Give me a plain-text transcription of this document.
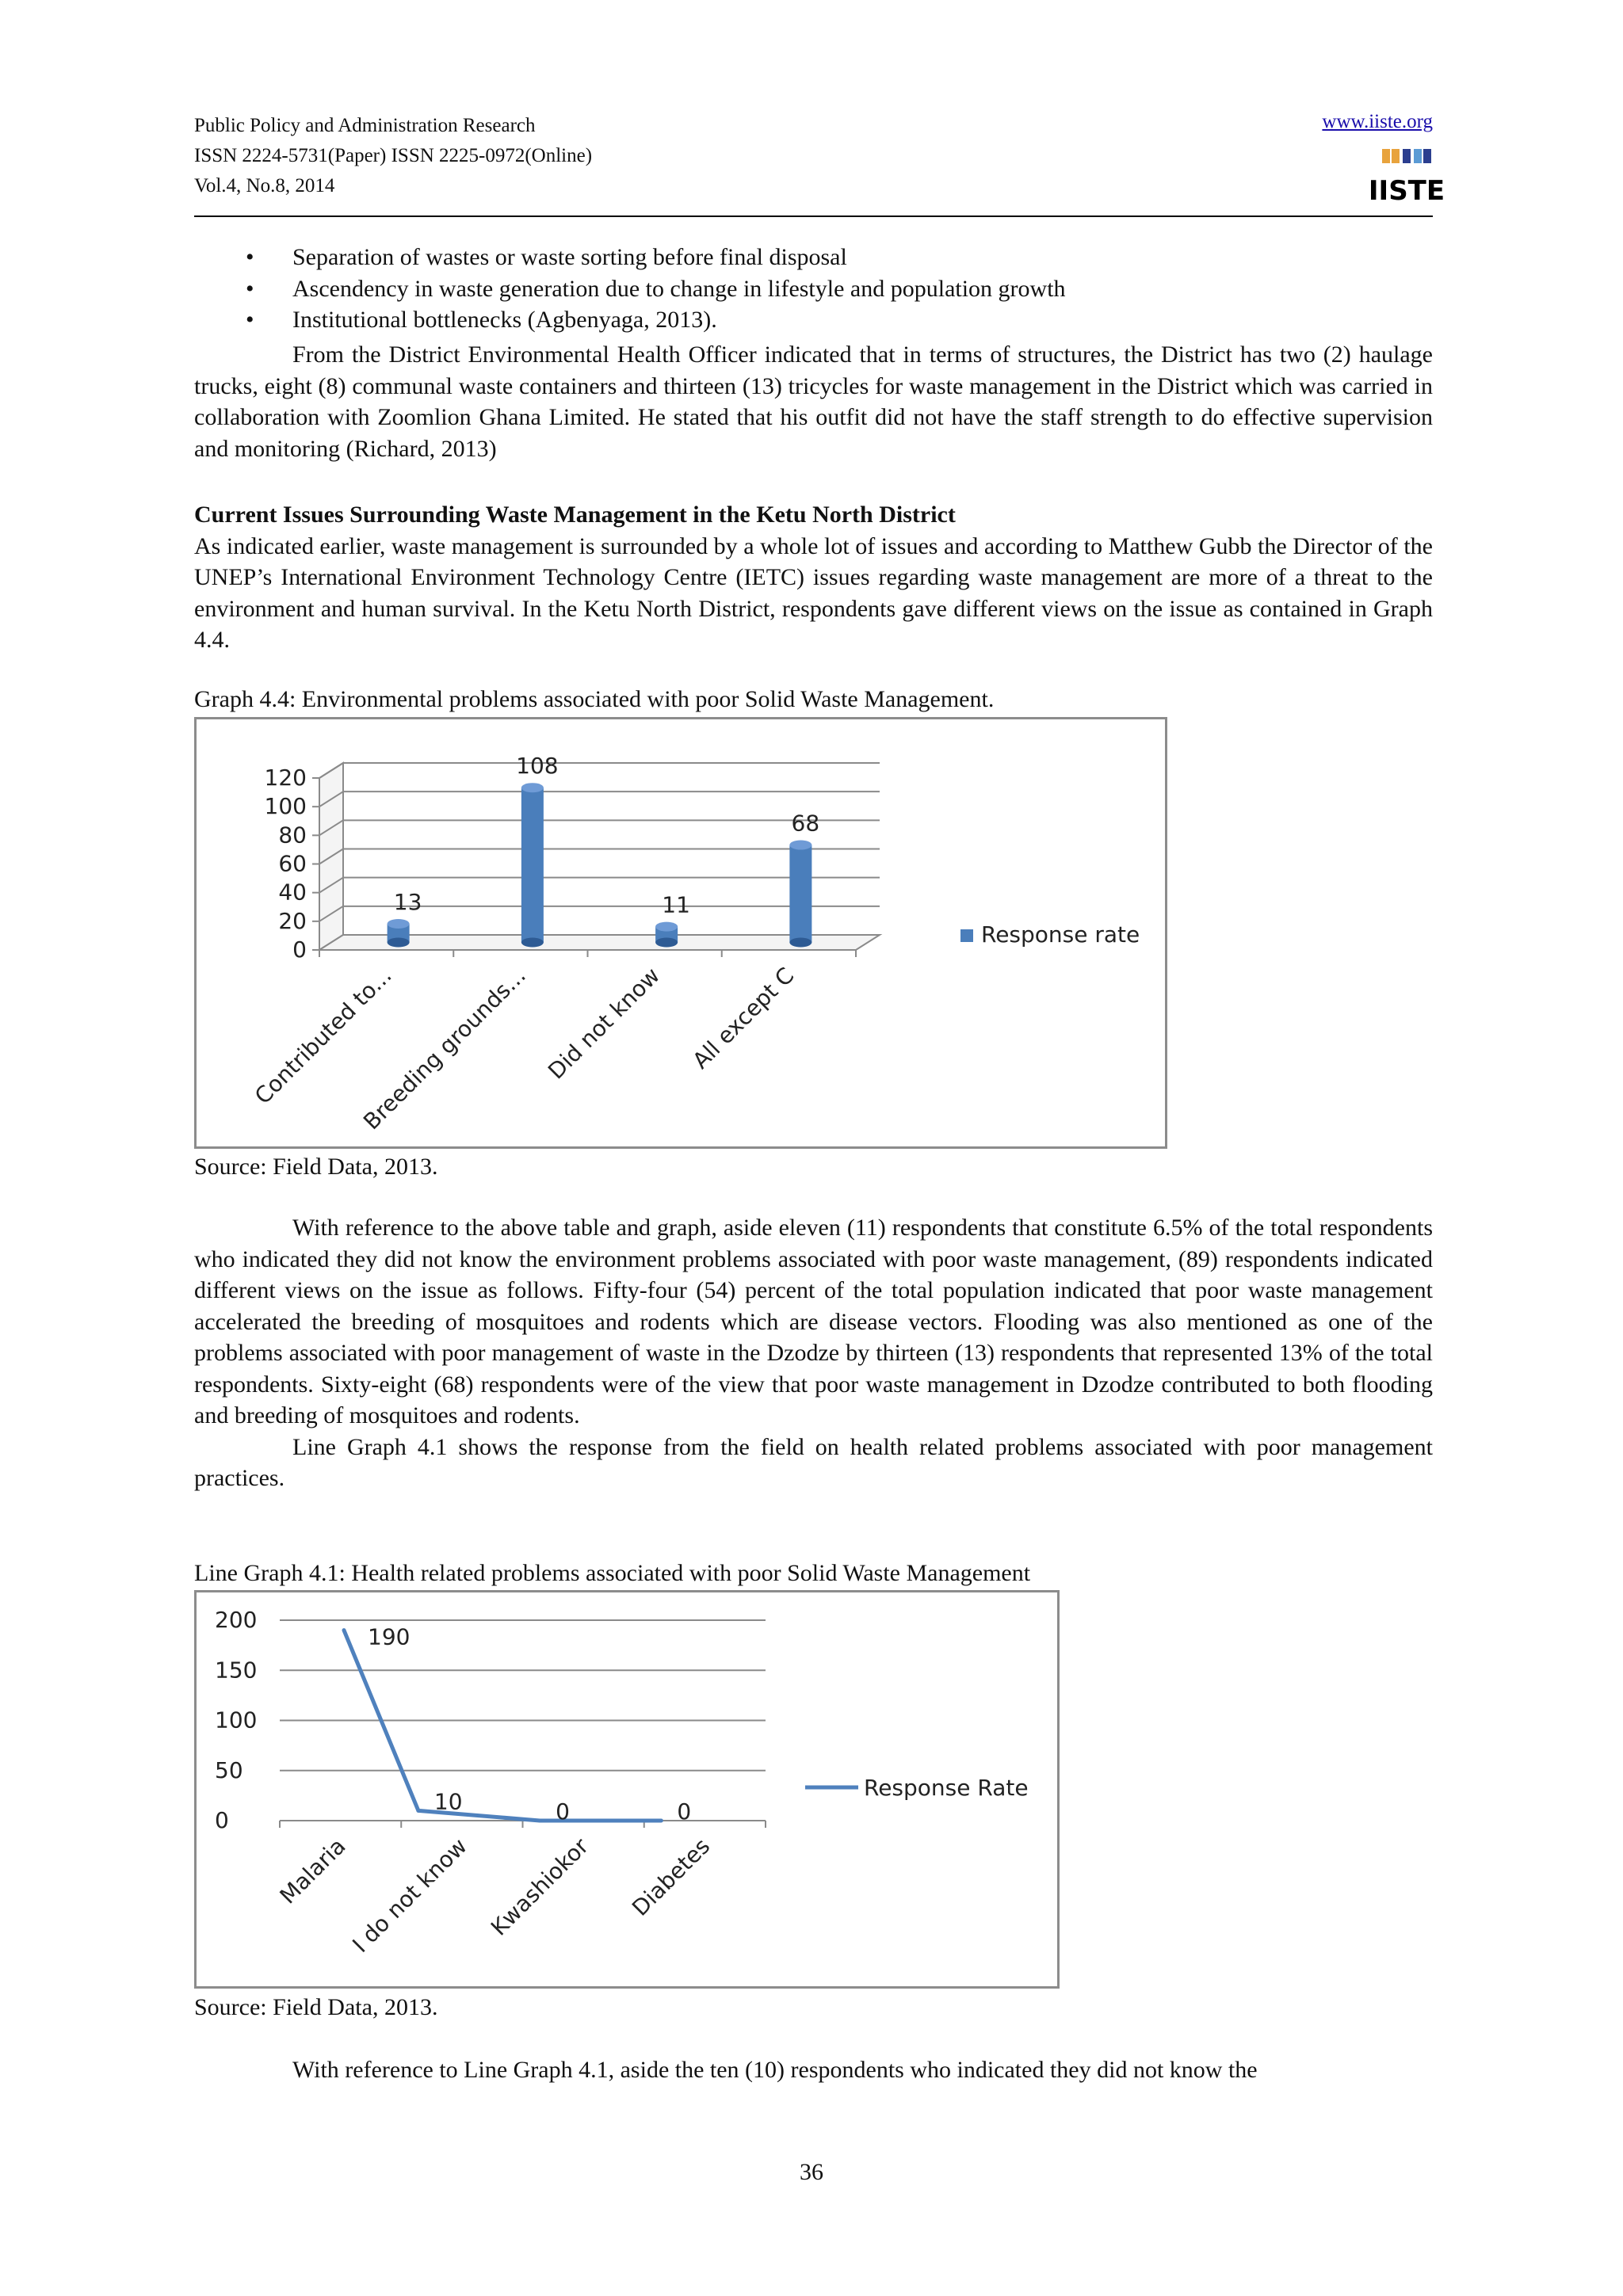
Public Policy and Administration Research
ISSN 2224-5731(Paper) ISSN 2225-0972(Online)
Vol.4, No.8, 2014
www.iiste.org
IISTE
• Separation of wastes or waste sorting before final disposal
• Ascendency in waste generation due to change in lifestyle and population growth
• Institutional bottlenecks (Agbenyaga, 2013).

From the District Environmental Health Officer indicated that in terms of structures, the District has two (2) haulage trucks, eight (8) communal waste containers and thirteen (13) tricycles for waste management in the District which was carried in collaboration with Zoomlion Ghana Limited. He stated that his outfit did not have the staff strength to do effective supervision and monitoring (Richard, 2013)

Current Issues Surrounding Waste Management in the Ketu North District

As indicated earlier, waste management is surrounded by a whole lot of issues and according to Matthew Gubb the Director of the UNEP’s International Environment Technology Centre (IETC) issues regarding waste management are more of a threat to the environment and human survival. In the Ketu North District, respondents gave different views on the issue as contained in Graph 4.4.

Graph 4.4: Environmental problems associated with poor Solid Waste Management.
0
20
40
60
80
100
120
13
Contributed to...
108
Breeding grounds...
11
Did not know
68
All except C
Response rate
Source: Field Data, 2013.

With reference to the above table and graph, aside eleven (11) respondents that constitute 6.5% of the total respondents who indicated they did not know the environment problems associated with poor waste management, (89) respondents indicated different views on the issue as follows. Fifty-four (54) percent of the total population indicated that poor waste management accelerated the breeding of mosquitoes and rodents which are disease vectors. Flooding was also mentioned as one of the problems associated with poor management of waste in the Dzodze by thirteen (13) respondents that represented 13% of the total respondents. Sixty-eight (68) respondents were of the view that poor waste management in Dzodze contributed to both flooding and breeding of mosquitoes and rodents.

Line Graph 4.1 shows the response from the field on health related problems associated with poor management practices.

Line Graph 4.1: Health related problems associated with poor Solid Waste Management
0
50
100
150
200
190
Malaria
10
I do not know
0
Kwashiokor
0
Diabetes
Response Rate
Source: Field Data, 2013.

With reference to Line Graph 4.1, aside the ten (10) respondents who indicated they did not know the

36
